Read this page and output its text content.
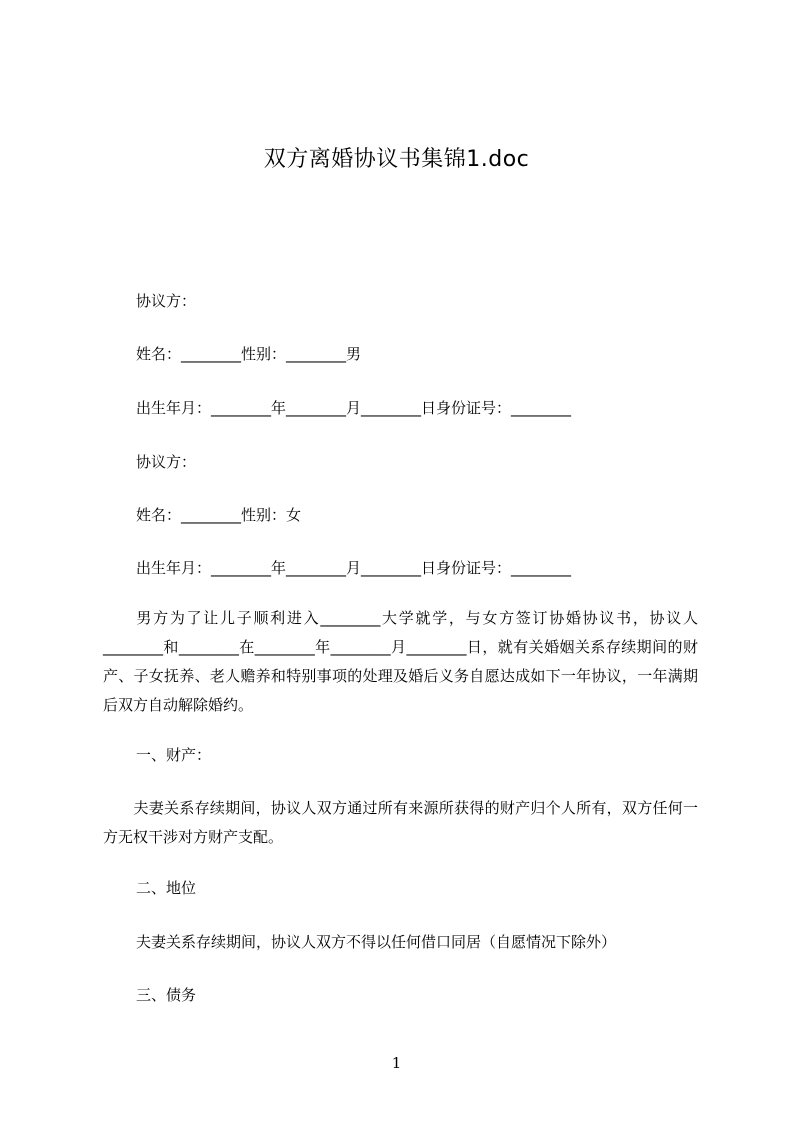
双方离婚协议书集锦1.doc
协议方：
姓名：________性别：________男
出生年月：________年________月________日身份证号：________
协议方：
姓名：________性别：女
出生年月：________年________月________日身份证号：________
　　男方为了让儿子顺利进入________大学就学，与女方签订协婚协议书，协议人________和________在________年________月________日，就有关婚姻关系存续期间的财产、子女抚养、老人赡养和特别事项的处理及婚后义务自愿达成如下一年协议，一年满期后双方自动解除婚约。
一、财产：
　　夫妻关系存续期间，协议人双方通过所有来源所获得的财产归个人所有，双方任何一方无权干涉对方财产支配。
二、地位
夫妻关系存续期间，协议人双方不得以任何借口同居（自愿情况下除外）
三、债务
1
